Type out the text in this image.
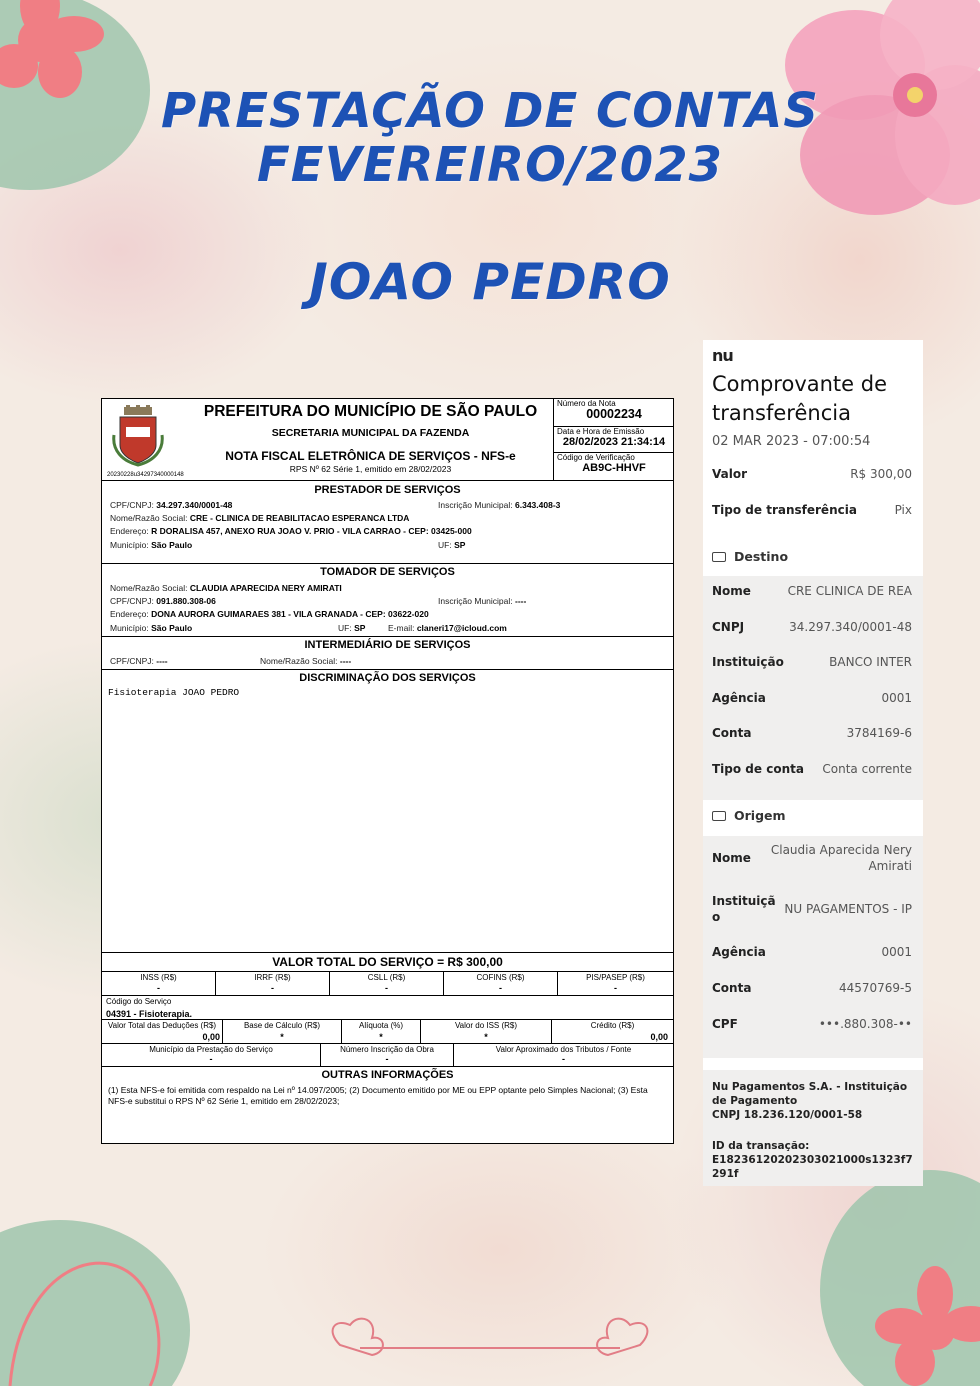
PRESTAÇÃO DE CONTAS
FEVEREIRO/2023
JOAO PEDRO
PREFEITURA DO MUNICÍPIO DE SÃO PAULO
SECRETARIA MUNICIPAL DA FAZENDA
NOTA FISCAL ELETRÔNICA DE SERVIÇOS - NFS-e
RPS Nº 62 Série 1, emitido em 28/02/2023
20230228u34297340000148
Número da Nota
00002234
Data e Hora de Emissão
28/02/2023 21:34:14
Código de Verificação
AB9C-HHVF
PRESTADOR DE SERVIÇOS
CPF/CNPJ: 34.297.340/0001-48	Inscrição Municipal: 6.343.408-3
Nome/Razão Social: CRE - CLINICA DE REABILITACAO ESPERANCA LTDA
Endereço: R DORALISA 457, ANEXO RUA JOAO V. PRIO - VILA CARRAO - CEP: 03425-000
Município: São Paulo	UF: SP
TOMADOR DE SERVIÇOS
Nome/Razão Social: CLAUDIA APARECIDA NERY AMIRATI
CPF/CNPJ: 091.880.308-06	Inscrição Municipal: ----
Endereço: DONA AURORA GUIMARAES 381 - VILA GRANADA - CEP: 03622-020
Município: São Paulo	UF: SP	E-mail: claneri17@icloud.com
INTERMEDIÁRIO DE SERVIÇOS
CPF/CNPJ: ----	Nome/Razão Social: ----
DISCRIMINAÇÃO DOS SERVIÇOS
Fisioterapia JOAO PEDRO
VALOR TOTAL DO SERVIÇO = R$ 300,00
INSS (R$)	IRRF (R$)	CSLL (R$)	COFINS (R$)	PIS/PASEP (R$)
-	-	-	-	-
Código do Serviço
04391 - Fisioterapia.
Valor Total das Deduções (R$)	Base de Cálculo (R$)	Alíquota (%)	Valor do ISS (R$)	Crédito (R$)
0,00	*	*	*	0,00
Município da Prestação do Serviço	Número Inscrição da Obra	Valor Aproximado dos Tributos / Fonte
-	-	-
OUTRAS INFORMAÇÕES
(1) Esta NFS-e foi emitida com respaldo na Lei nº 14.097/2005; (2) Documento emitido por ME ou EPP optante pelo Simples Nacional; (3) Esta NFS-e substitui o RPS Nº 62 Série 1, emitido em 28/02/2023;
nu
Comprovante de transferência
02 MAR 2023 - 07:00:54
Valor	R$ 300,00
Tipo de transferência	Pix
Destino
Nome	CRE CLINICA DE REA
CNPJ	34.297.340/0001-48
Instituição	BANCO INTER
Agência	0001
Conta	3784169-6
Tipo de conta Conta corrente
Origem
Nome
Claudia Aparecida Nery Amirati
Instituiçã o
NU PAGAMENTOS - IP
Agência	0001
Conta	44570769-5
CPF	•••.880.308-••
Nu Pagamentos S.A. - Instituição de Pagamento
CNPJ 18.236.120/0001-58
ID da transação:
E18236120202303021000s1323f7291f
